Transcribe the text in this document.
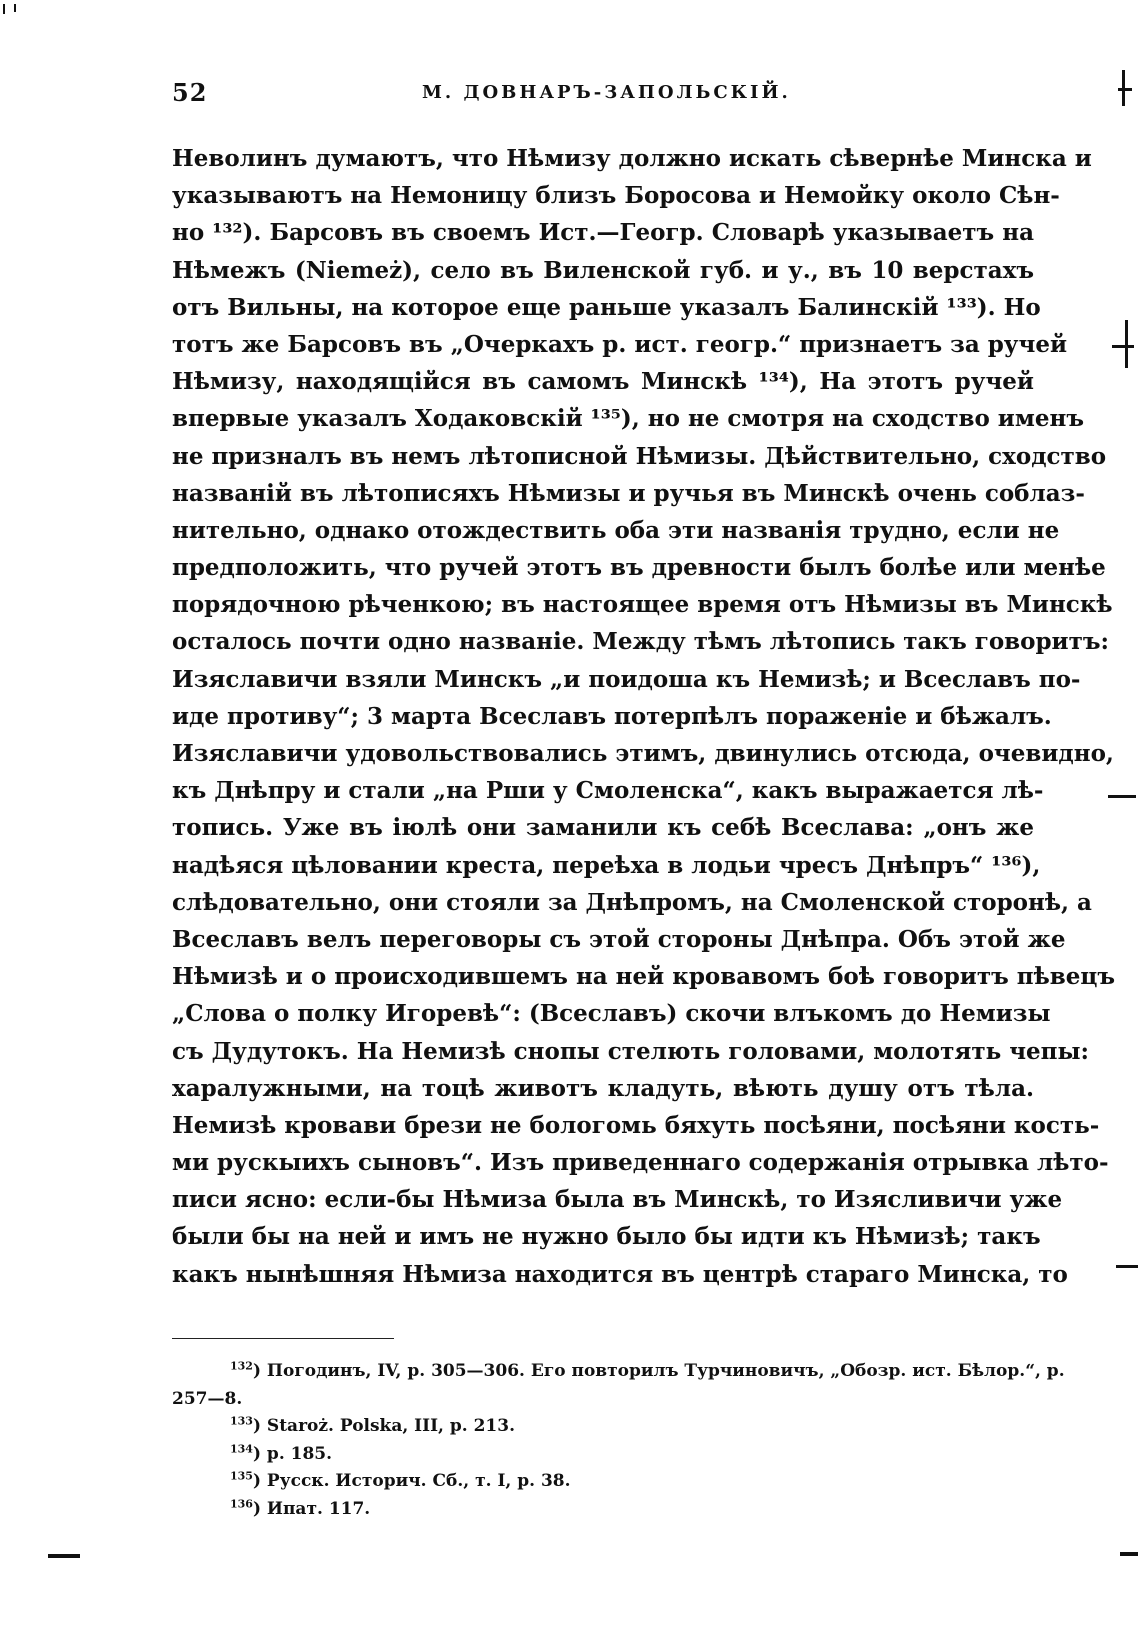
52	М. ДОВНАРЪ-ЗАПОЛЬСКІЙ.
Неволинъ думаютъ, что Нѣмизу должно искать сѣвернѣе Минска и
указываютъ на Немоницу близъ Боросова и Немойку около Сѣн-
но ¹³²). Барсовъ въ своемъ Ист.—Геогр. Словарѣ указываетъ на
Нѣмежъ (Niemeż), село въ Виленской губ. и у., въ 10 верстахъ
отъ Вильны, на которое еще раньше указалъ Балинскій ¹³³). Но
тотъ же Барсовъ въ „Очеркахъ р. ист. геогр.“ признаетъ за ручей
Нѣмизу, находящійся въ самомъ Минскѣ ¹³⁴), На этотъ ручей
впервые указалъ Ходаковскій ¹³⁵), но не смотря на сходство именъ
не призналъ въ немъ лѣтописной Нѣмизы. Дѣйствительно, сходство
названій въ лѣтописяхъ Нѣмизы и ручья въ Минскѣ очень соблаз-
нительно, однако отождествить оба эти названія трудно, если не
предположить, что ручей этотъ въ древности былъ болѣе или менѣе
порядочною рѣченкою; въ настоящее время отъ Нѣмизы въ Минскѣ
осталось почти одно названіе. Между тѣмъ лѣтопись такъ говоритъ:
Изяславичи взяли Минскъ „и поидоша къ Немизѣ; и Всеславъ по-
иде противу“; 3 марта Всеславъ потерпѣлъ пораженіе и бѣжалъ.
Изяславичи удовольствовались этимъ, двинулись отсюда, очевидно,
къ Днѣпру и стали „на Рши у Смоленска“, какъ выражается лѣ-
топись. Уже въ іюлѣ они заманили къ себѣ Всеслава: „онъ же
надѣяся цѣловании креста, переѣха в лодьи чресъ Днѣпръ“ ¹³⁶),
слѣдовательно, они стояли за Днѣпромъ, на Смоленской сторонѣ, а
Всеславъ велъ переговоры съ этой стороны Днѣпра. Объ этой же
Нѣмизѣ и о происходившемъ на ней кровавомъ боѣ говоритъ пѣвецъ
„Слова о полку Игоревѣ“: (Всеславъ) скочи влъкомъ до Немизы
съ Дудутокъ. На Немизѣ снопы стелють головами, молотять чепы:
харалужными, на тоцѣ животъ кладуть, вѣють душу отъ тѣла.
Немизѣ кровави брези не бологомь бяхуть посѣяни, посѣяни кость-
ми рускыихъ сыновъ“. Изъ приведеннаго содержанія отрывка лѣто-
писи ясно: если-бы Нѣмиза была въ Минскѣ, то Изясливичи уже
были бы на ней и имъ не нужно было бы идти къ Нѣмизѣ; такъ
какъ нынѣшняя Нѣмиза находится въ центрѣ стараго Минска, то
$^{132}$) Погодинъ, IV, р. 305—306. Его повторилъ Турчиновичъ, „Обозр. ист. Бѣлор.“, р.
257—8.
$^{133}$) Staroż. Polska, III, р. 213.
$^{134}$) р. 185.
$^{135}$) Русск. Историч. Сб., т. I, р. 38.
$^{136}$) Ипат. 117.
